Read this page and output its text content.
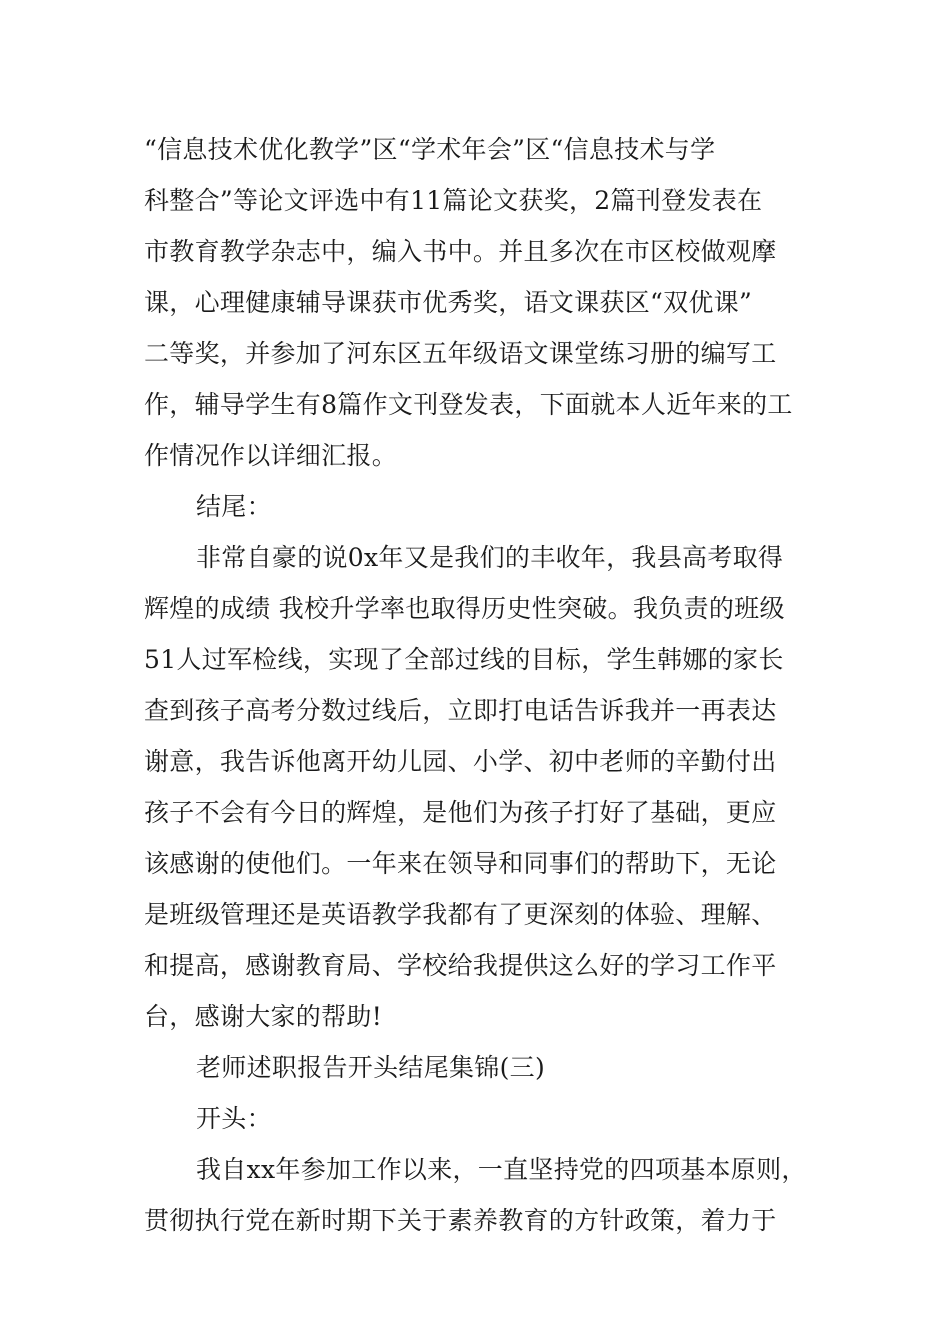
“信息技术优化教学”区“学术年会”区“信息技术与学
科整合”等论文评选中有11篇论文获奖，2篇刊登发表在
市教育教学杂志中，编入书中。并且多次在市区校做观摩
课，心理健康辅导课获市优秀奖，语文课获区“双优课”
二等奖，并参加了河东区五年级语文课堂练习册的编写工
作，辅导学生有8篇作文刊登发表，下面就本人近年来的工
作情况作以详细汇报。
结尾：
非常自豪的说0x年又是我们的丰收年，我县高考取得
辉煌的成绩 我校升学率也取得历史性突破。我负责的班级
51人过军检线，实现了全部过线的目标，学生韩娜的家长
查到孩子高考分数过线后，立即打电话告诉我并一再表达
谢意，我告诉他离开幼儿园、小学、初中老师的辛勤付出
孩子不会有今日的辉煌，是他们为孩子打好了基础，更应
该感谢的使他们。一年来在领导和同事们的帮助下，无论
是班级管理还是英语教学我都有了更深刻的体验、理解、
和提高，感谢教育局、学校给我提供这么好的学习工作平
台，感谢大家的帮助!
老师述职报告开头结尾集锦(三)
开头：
我自xx年参加工作以来，一直坚持党的四项基本原则，
贯彻执行党在新时期下关于素养教育的方针政策，着力于
